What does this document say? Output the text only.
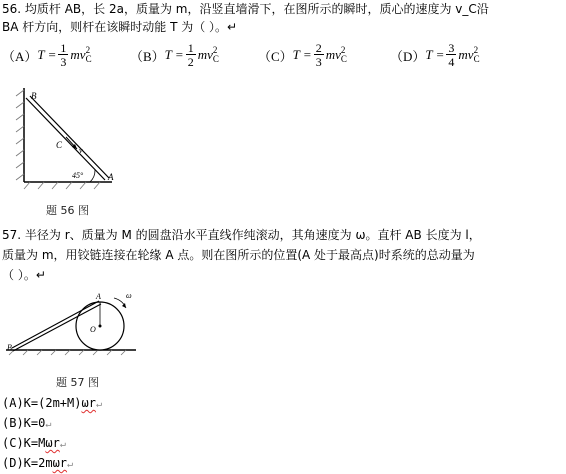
56. 均质杆 AB，长 2a，质量为 m，沿竖直墙滑下，在图所示的瞬时，质心的速度为 v_C沿
BA 杆方向，则杆在该瞬时动能 T 为（ ）。↵
（A） $T = \frac{1}{3}$ mv 2
C	（B） $T = \frac{1}{2}$ mv 2
C	（C） $T = \frac{2}{3}$ mv 2
C	（D） $T = \frac{3}{4}$ mv 2
C
B
C
v
A
45°
题 56 图
57. 半径为 r、质量为 M 的圆盘沿水平直线作纯滚动，其角速度为 ω。直杆 AB 长度为 l，
质量为 m，用铰链连接在轮缘 A 点。则在图所示的位置(A 处于最高点)时系统的总动量为
（ ）。↵
A
O
B
ω
题 57 图
(A)K=(2m+M)ωr↵
(B)K=0↵
(C)K=Mωr↵
(D)K=2mωr↵
